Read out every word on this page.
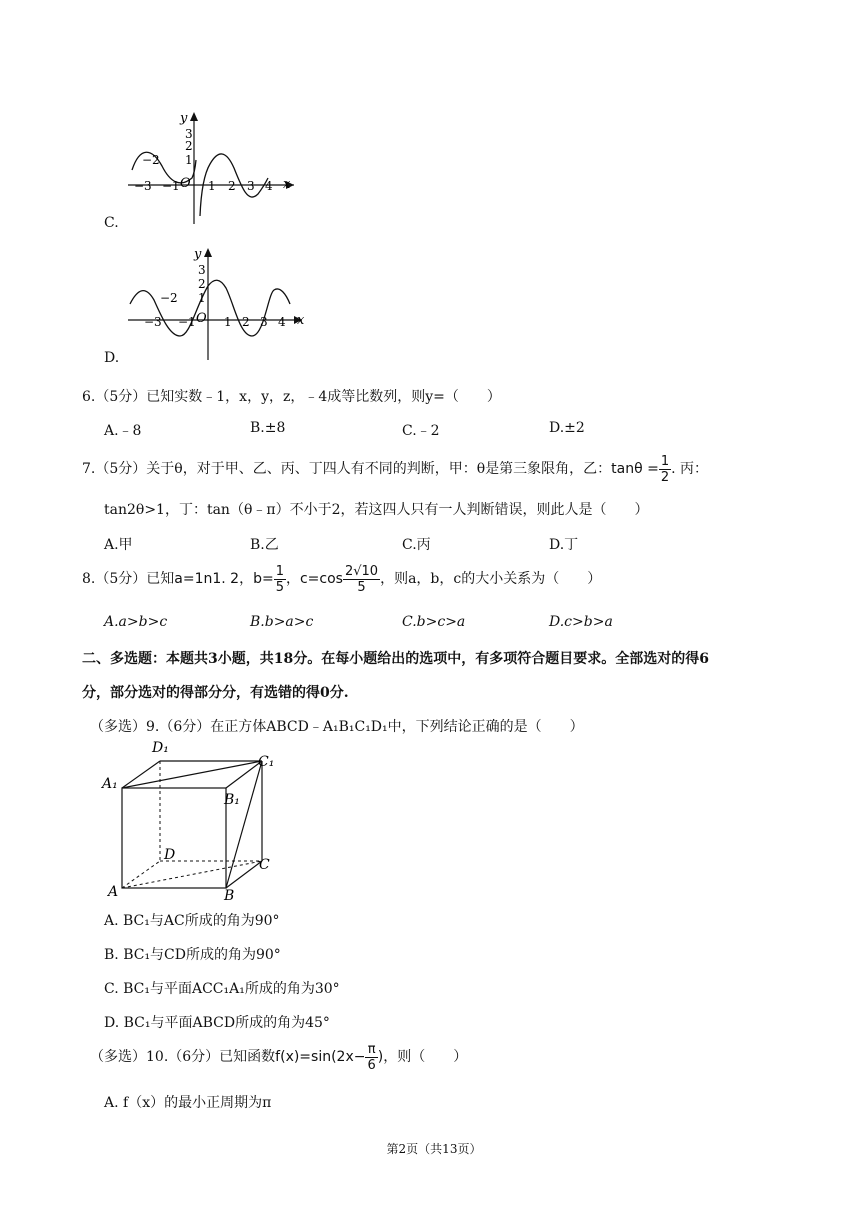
y
x
O
3
2
1
−3
−2
−1 1 2 3 4
C.
y
x
O
3
2
1
−3
−2
−1 1 2 3 4
D.
6.（5分）已知实数﹣1，x，y，z，﹣4成等比数列，则y=（　　）
A.﹣8	B.±8	C.﹣2	D.±2
7.（5分）关于θ，对于甲、乙、丙、丁四人有不同的判断，甲：θ是第三象限角，乙：$\tan\theta = \frac{1}{2}$ . 丙：
tan2θ>1，丁：tan（θ﹣π）不小于2，若这四人只有一人判断错误，则此人是（　　）
A.甲	B.乙	C.丙	D.丁
8.（5分）已知a=1n1. 2，$b= \frac{1}{5}$ ，$c=\cos \frac{2√10}{5}$ ，则a，b，c的大小关系为（　　）
A.a>b>c	B.b>a>c	C.b>c>a	D.c>b>a
二、多选题：本题共3小题，共18分。在每小题给出的选项中，有多项符合题目要求。全部选对的得6
分，部分选对的得部分分，有选错的得0分.
（多选）9.（6分）在正方体ABCD﹣A₁B₁C₁D₁中，下列结论正确的是（　　）
D₁
C₁
A₁
B₁
D
C
A	B
A. BC₁与AC所成的角为90°
B. BC₁与CD所成的角为90°
C. BC₁与平面ACC₁A₁所成的角为30°
D. BC₁与平面ABCD所成的角为45°
（多选）10.（6分）已知函数$f(x)=\sin(2x- \frac{\pi}{6}$ )，则（　　）
A. f（x）的最小正周期为π
第2页（共13页）
